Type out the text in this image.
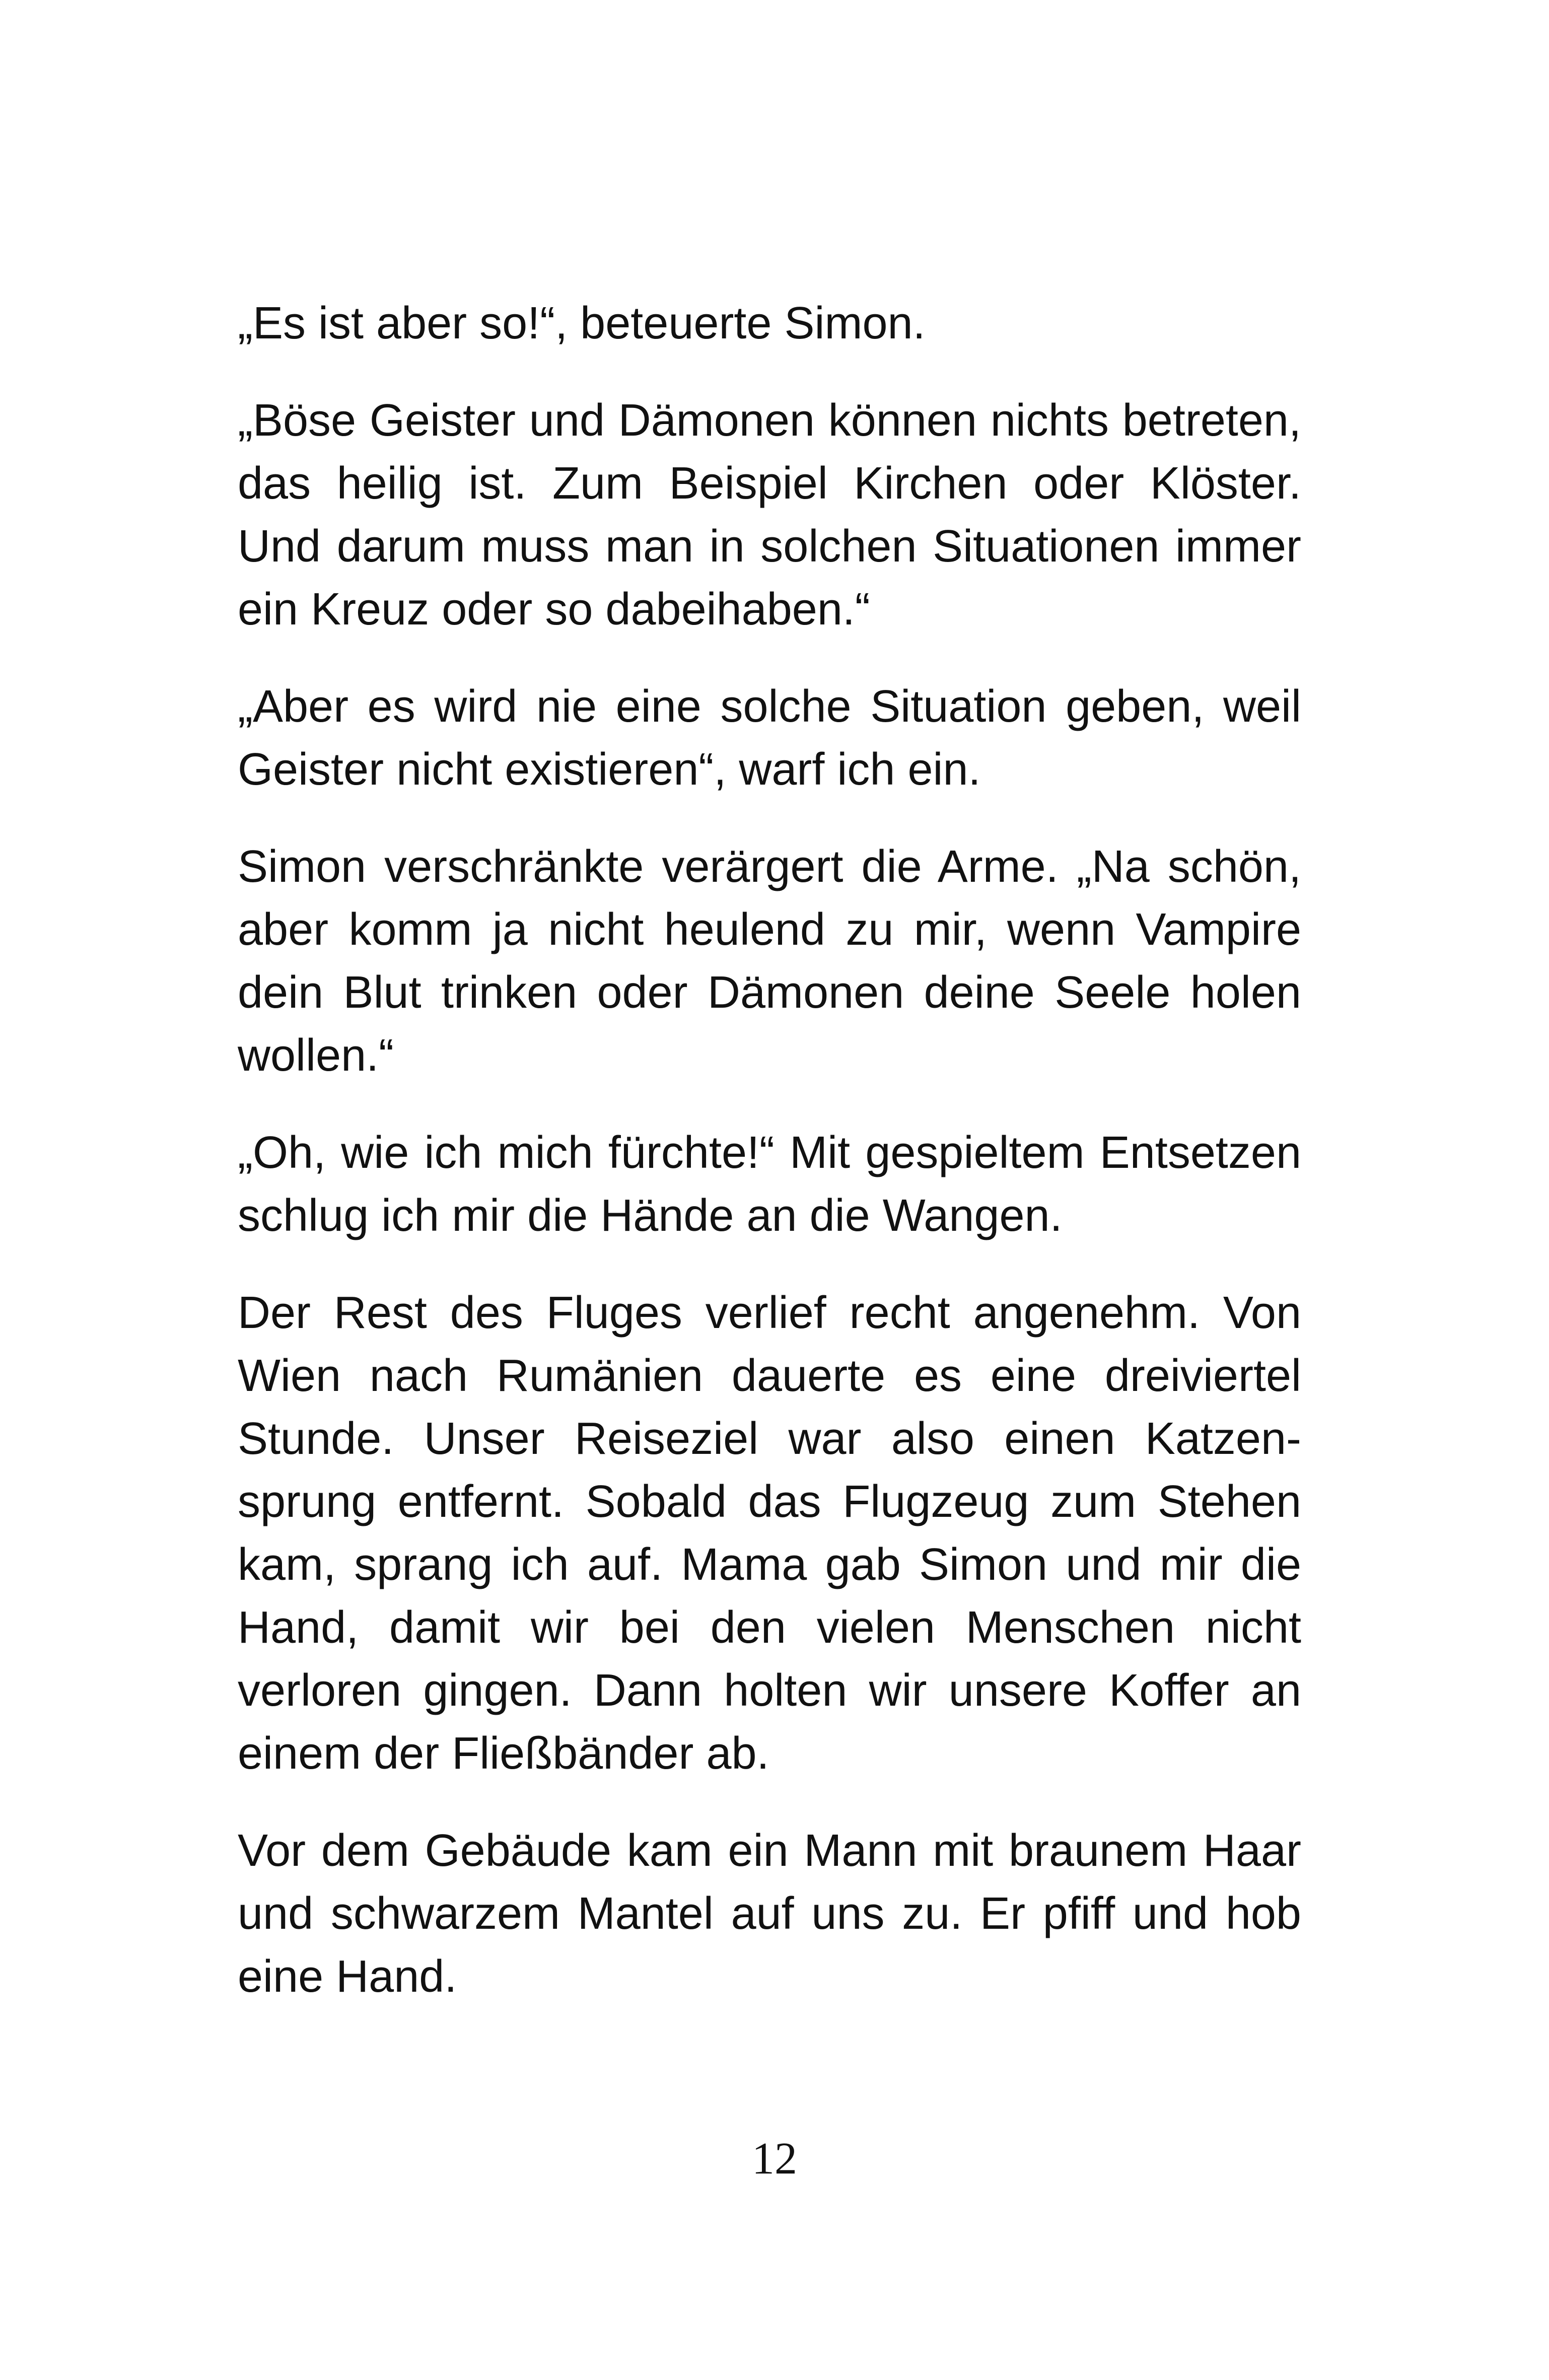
„Es ist aber so!“, beteuerte Simon.

„Böse Geister und Dämonen können nichts betreten, das heilig ist. Zum Beispiel Kirchen oder Klöster. Und darum muss man in solchen Situationen immer ein Kreuz oder so dabeihaben.“

„Aber es wird nie eine solche Situation geben, weil Geister nicht existieren“, warf ich ein.

Simon verschränkte verärgert die Arme. „Na schön, aber komm ja nicht heulend zu mir, wenn Vampire dein Blut trinken oder Dämonen deine Seele holen wollen.“

„Oh, wie ich mich fürchte!“ Mit gespieltem Entsetzen schlug ich mir die Hände an die Wangen.

Der Rest des Fluges verlief recht angenehm. Von Wien nach Rumänien dauerte es eine dreiviertel Stunde. Unser Reiseziel war also einen Katzen-sprung entfernt. Sobald das Flugzeug zum Stehen kam, sprang ich auf. Mama gab Simon und mir die Hand, damit wir bei den vielen Menschen nicht verloren gingen. Dann holten wir unsere Koffer an einem der Fließbänder ab.

Vor dem Gebäude kam ein Mann mit braunem Haar und schwarzem Mantel auf uns zu. Er pfiff und hob eine Hand.

12
